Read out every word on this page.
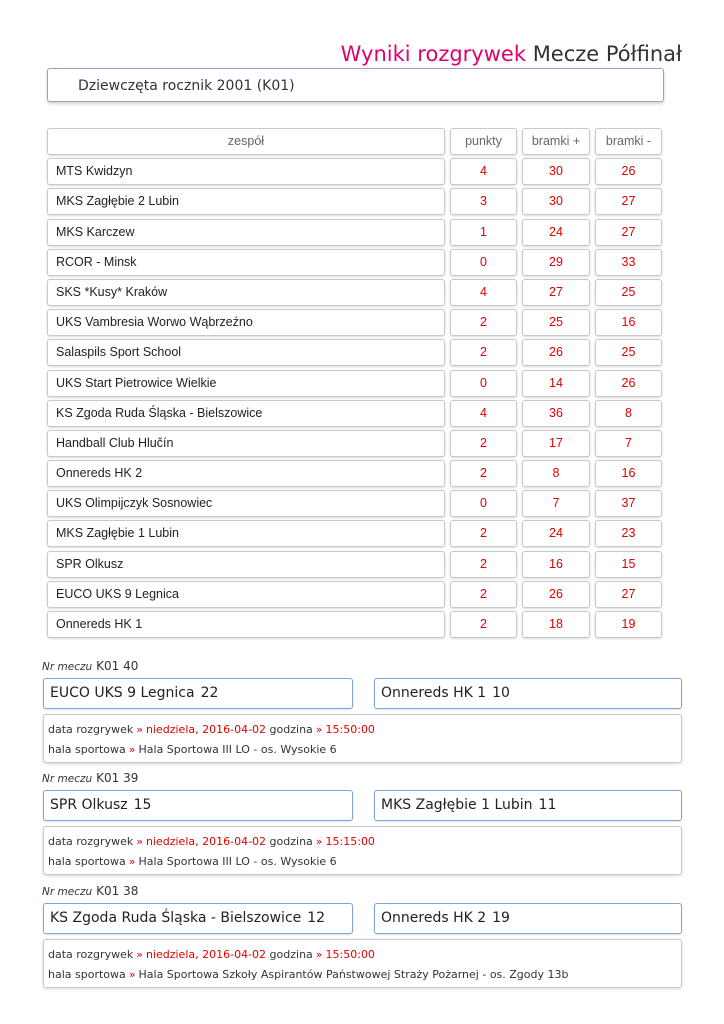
Wyniki rozgrywek Mecze Półfinał
Dziewczęta rocznik 2001 (K01)
zespół	punkty	bramki +	bramki -
MTS Kwidzyn	4	30	26
MKS Zagłębie 2 Lubin	3	30	27
MKS Karczew	1	24	27
RCOR - Minsk	0	29	33
SKS *Kusy* Kraków	4	27	25
UKS Vambresia Worwo Wąbrzeźno	2	25	16
Salaspils Sport School	2	26	25
UKS Start Pietrowice Wielkie	0	14	26
KS Zgoda Ruda Śląska - Bielszowice	4	36	8
Handball Club Hlučín	2	17	7
Onnereds HK 2	2	8	16
UKS Olimpijczyk Sosnowiec	0	7	37
MKS Zagłębie 1 Lubin	2	24	23
SPR Olkusz	2	16	15
EUCO UKS 9 Legnica	2	26	27
Onnereds HK 1	2	18	19
Nr meczu K01 40
EUCO UKS 9 Legnica 22	Onnereds HK 1 10
data rozgrywek » niedziela, 2016-04-02 godzina » 15:50:00
hala sportowa » Hala Sportowa III LO - os. Wysokie 6
Nr meczu K01 39
SPR Olkusz 15	MKS Zagłębie 1 Lubin 11
data rozgrywek » niedziela, 2016-04-02 godzina » 15:15:00
hala sportowa » Hala Sportowa III LO - os. Wysokie 6
Nr meczu K01 38
KS Zgoda Ruda Śląska - Bielszowice 12	Onnereds HK 2 19
data rozgrywek » niedziela, 2016-04-02 godzina » 15:50:00
hala sportowa » Hala Sportowa Szkoły Aspirantów Państwowej Straży Pożarnej - os. Zgody 13b
